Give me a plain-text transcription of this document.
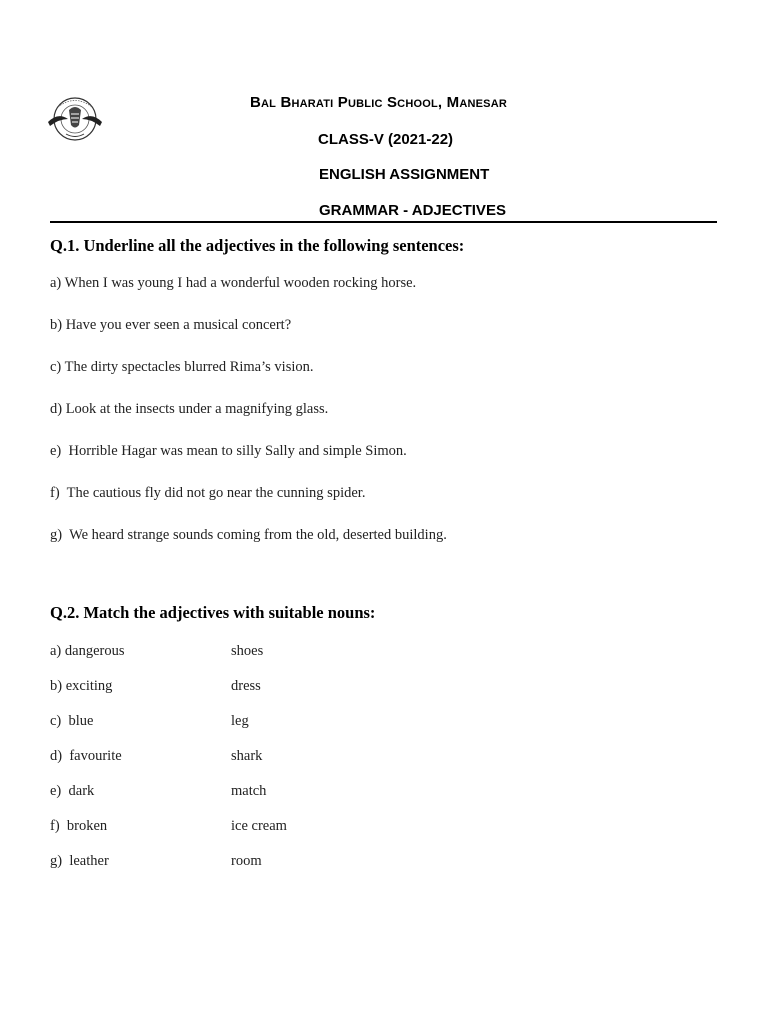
Bal Bharati Public School, Manesar
CLASS-V (2021-22)
ENGLISH ASSIGNMENT
GRAMMAR - ADJECTIVES
Q.1. Underline all the adjectives in the following sentences:
a) When I was young I had a wonderful wooden rocking horse.
b) Have you ever seen a musical concert?
c) The dirty spectacles blurred Rima’s vision.
d) Look at the insects under a magnifying glass.
e)  Horrible Hagar was mean to silly Sally and simple Simon.
f)  The cautious fly did not go near the cunning spider.
g)  We heard strange sounds coming from the old, deserted building.
Q.2. Match the adjectives with suitable nouns:
a) dangerous	shoes
b) exciting	dress
c)  blue	leg
d)  favourite	shark
e)  dark	match
f)  broken	ice cream
g)  leather	room
